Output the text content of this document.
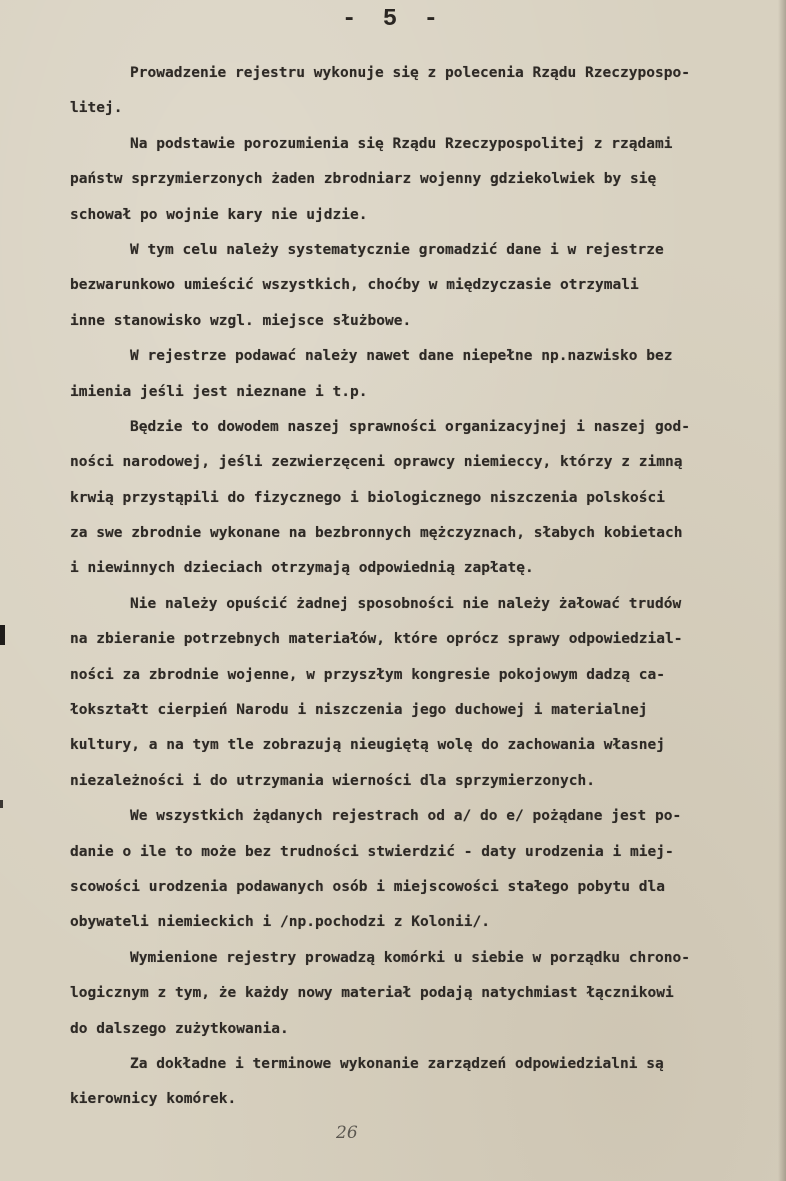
- 5 -
Prowadzenie rejestru wykonuje się z polecenia Rządu Rzeczypospo-
litej.
Na podstawie porozumienia się Rządu Rzeczypospolitej z rządami
państw sprzymierzonych żaden zbrodniarz wojenny gdziekolwiek by się
schował po wojnie kary nie ujdzie.
W tym celu należy systematycznie gromadzić dane i w rejestrze
bezwarunkowo umieścić wszystkich, choćby w międzyczasie otrzymali
inne stanowisko wzgl. miejsce służbowe.
W rejestrze podawać należy nawet dane niepełne np.nazwisko bez
imienia jeśli jest nieznane i t.p.
Będzie to dowodem naszej sprawności organizacyjnej i naszej god-
ności narodowej, jeśli zezwierzęceni oprawcy niemieccy, którzy z zimną
krwią przystąpili do fizycznego i biologicznego niszczenia polskości
za swe zbrodnie wykonane na bezbronnych mężczyznach, słabych kobietach
i niewinnych dzieciach otrzymają odpowiednią zapłatę.
Nie należy opuścić żadnej sposobności nie należy żałować trudów
na zbieranie potrzebnych materiałów, które oprócz sprawy odpowiedzial-
ności za zbrodnie wojenne, w przyszłym kongresie pokojowym dadzą ca-
łokształt cierpień Narodu i niszczenia jego duchowej i materialnej
kultury, a na tym tle zobrazują nieugiętą wolę do zachowania własnej
niezależności i do utrzymania wierności dla sprzymierzonych.
We wszystkich żądanych rejestrach od a/ do e/ pożądane jest po-
danie o ile to może bez trudności stwierdzić - daty urodzenia i miej-
scowości urodzenia podawanych osób i miejscowości stałego pobytu dla
obywateli niemieckich i /np.pochodzi z Kolonii/.
Wymienione rejestry prowadzą komórki u siebie w porządku chrono-
logicznym z tym, że każdy nowy materiał podają natychmiast łącznikowi
do dalszego zużytkowania.
Za dokładne i terminowe wykonanie zarządzeń odpowiedzialni są
kierownicy komórek.
26
